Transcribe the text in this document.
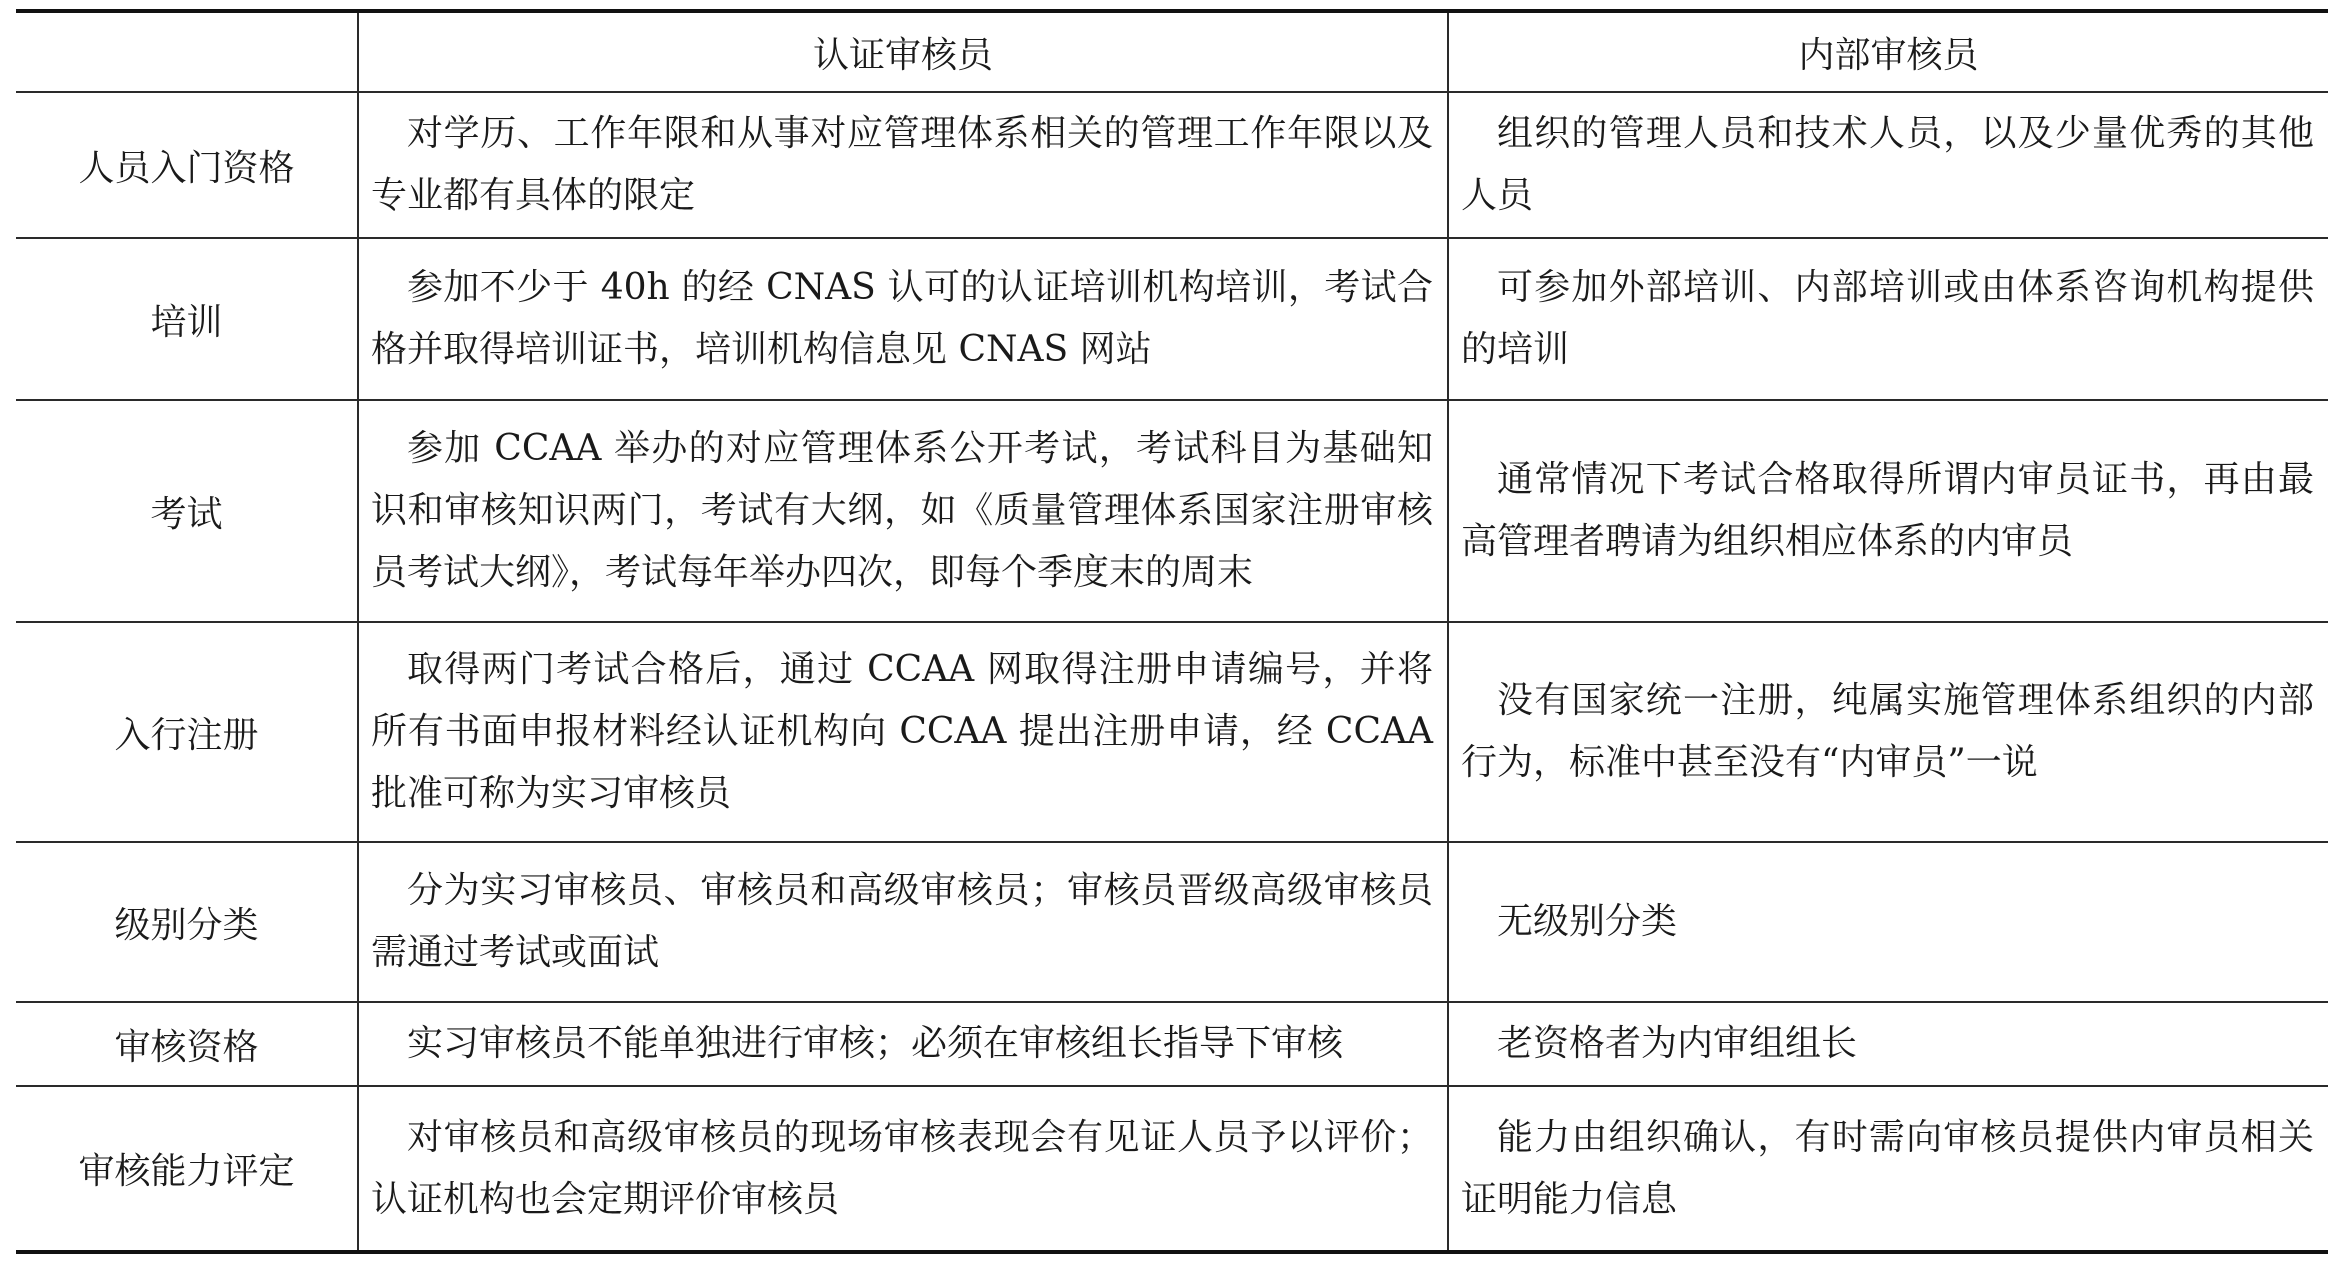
	认证审核员	内部审核员
人员入门资格	对学历、工作年限和从事对应管理体系相关的管理工作年限以及专业都有具体的限定	组织的管理人员和技术人员，以及少量优秀的其他人员
培训	参加不少于 40h 的经 CNAS 认可的认证培训机构培训，考试合格并取得培训证书，培训机构信息见 CNAS 网站	可参加外部培训、内部培训或由体系咨询机构提供的培训
考试	参加 CCAA 举办的对应管理体系公开考试，考试科目为基础知识和审核知识两门，考试有大纲，如《质量管理体系国家注册审核员考试大纲》，考试每年举办四次，即每个季度末的周末	通常情况下考试合格取得所谓内审员证书，再由最高管理者聘请为组织相应体系的内审员
入行注册	取得两门考试合格后，通过 CCAA 网取得注册申请编号，并将所有书面申报材料经认证机构向 CCAA 提出注册申请，经 CCAA 批准可称为实习审核员	没有国家统一注册，纯属实施管理体系组织的内部行为，标准中甚至没有“内审员”一说
级别分类	分为实习审核员、审核员和高级审核员；审核员晋级高级审核员需通过考试或面试	无级别分类
审核资格	实习审核员不能单独进行审核；必须在审核组长指导下审核	老资格者为内审组组长
审核能力评定	对审核员和高级审核员的现场审核表现会有见证人员予以评价；认证机构也会定期评价审核员	能力由组织确认，有时需向审核员提供内审员相关证明能力信息
